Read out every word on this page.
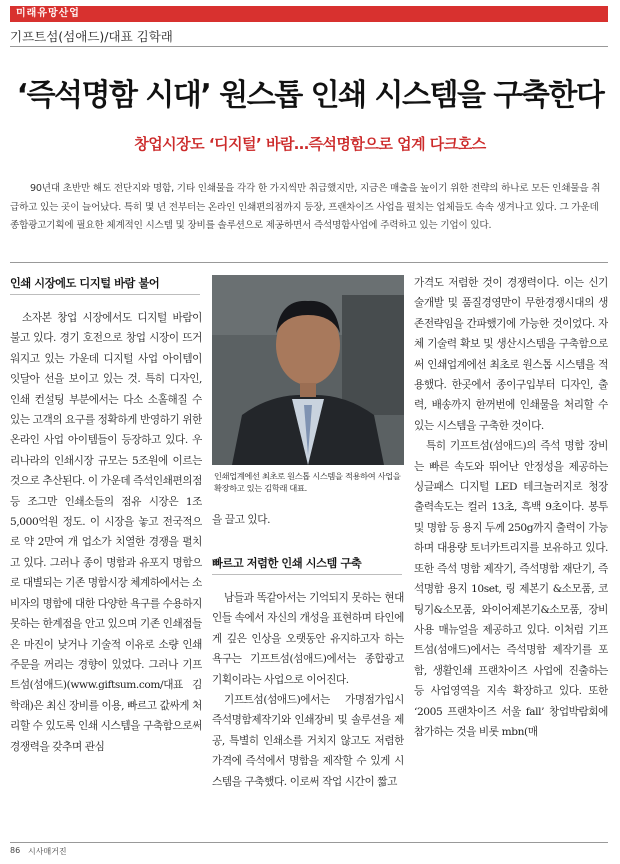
미래유망산업
기프트섬(섬애드)/대표 김학래
‘즉석명함 시대’ 원스톱 인쇄 시스템을 구축한다
창업시장도 ‘디지털’ 바람…즉석명함으로 업계 다크호스
90년대 초반만 해도 전단지와 명함, 기타 인쇄물을 각각 한 가지씩만 취급했지만, 지금은 매출을 높이기 위한 전략의 하나로 모든 인쇄물을 취급하고 있는 곳이 늘어났다. 특히 몇 년 전부터는 온라인 인쇄편의점까지 등장, 프랜차이즈 사업을 펼치는 업체들도 속속 생겨나고 있다. 그 가운데 종합광고기획에 필요한 체계적인 시스템 및 장비를 솔루션으로 제공하면서 즉석명함사업에 주력하고 있는 기업이 있다.
인쇄 시장에도 디지털 바람 불어

소자본 창업 시장에서도 디지털 바람이 불고 있다. 경기 호전으로 창업 시장이 뜨거워지고 있는 가운데 디지털 사업 아이템이 잇달아 선을 보이고 있는 것. 특히 디자인, 인쇄 컨설팅 부분에서는 다소 소홀해질 수 있는 고객의 요구를 정확하게 반영하기 위한 온라인 사업 아이템들이 등장하고 있다. 우리나라의 인쇄시장 규모는 5조원에 이르는 것으로 추산된다. 이 가운데 즉석인쇄편의점 등 조그만 인쇄소들의 점유 시장은 1조 5,000억원 정도. 이 시장을 놓고 전국적으로 약 2만여 개 업소가 치열한 경쟁을 펼치고 있다. 그러나 종이 명함과 유포지 명함으로 대별되는 기존 명함시장 체계하에서는 소비자의 명함에 대한 다양한 욕구를 수용하지 못하는 한계점을 안고 있으며 기존 인쇄점들은 마진이 낮거나 기술적 이유로 소량 인쇄 주문을 꺼리는 경향이 있었다. 그러나 기프트섬(섬애드)(www.giftsum.com/대표 김학래)은 최신 장비를 이용, 빠르고 값싸게 처리할 수 있도록 인쇄 시스템을 구축함으로써 경쟁력을 갖추며 관심

인쇄업계에선 최초로 원스톱 시스템을 적용하여 사업을 확장하고 있는 김학래 대표.

을 끌고 있다.

빠르고 저렴한 인쇄 시스템 구축

남들과 똑같아서는 기억되지 못하는 현대인들 속에서 자신의 개성을 표현하며 타인에게 깊은 인상을 오랫동안 유지하고자 하는 욕구는 기프트섬(섬애드)에서는 종합광고 기획이라는 사업으로 이어진다.

기프트섬(섬애드)에서는 가명점가입시 즉석명함제작기와 인쇄장비 및 솔루션을 제공, 특별히 인쇄소를 거치지 않고도 저렴한 가격에 즉석에서 명함을 제작할 수 있게 시스템을 구축했다. 이로써 작업 시간이 짧고

가격도 저렴한 것이 경쟁력이다. 이는 신기술개발 및 품질경영만이 무한경쟁시대의 생존전략임을 간파했기에 가능한 것이었다. 자체 기술력 확보 및 생산시스템을 구축함으로써 인쇄업계에선 최초로 원스톱 시스템을 적용했다. 한곳에서 종이구입부터 디자인, 출력, 배송까지 한꺼번에 인쇄물을 처리할 수 있는 시스템을 구축한 것이다.

특히 기프트섬(섬애드)의 즉석 명함 장비는 빠른 속도와 뛰어난 안정성을 제공하는 싱글패스 디지털 LED 테크놀러지로 청장 출력속도는 컬러 13초, 흑백 9초이다. 봉투 및 명함 등 용지 두께 250g까지 출력이 가능하며 대용량 토너카트리지를 보유하고 있다. 또한 즉석 명함 제작기, 즉석명함 재단기, 즉석명함 용지 10set, 링 제본기 &소모품, 코팅기&소모품, 와이어제본기&소모품, 장비 사용 매뉴얼을 제공하고 있다. 이처럼 기프트섬(섬애드)에서는 즉석명함 제작기를 포함, 생활인쇄 프랜차이즈 사업에 진출하는 등 사업영역을 지속 확장하고 있다. 또한 ‘2005 프랜차이즈 서울 fall’ 창업박람회에 참가하는 것을 비롯 mbn(매

86 시사매거진
